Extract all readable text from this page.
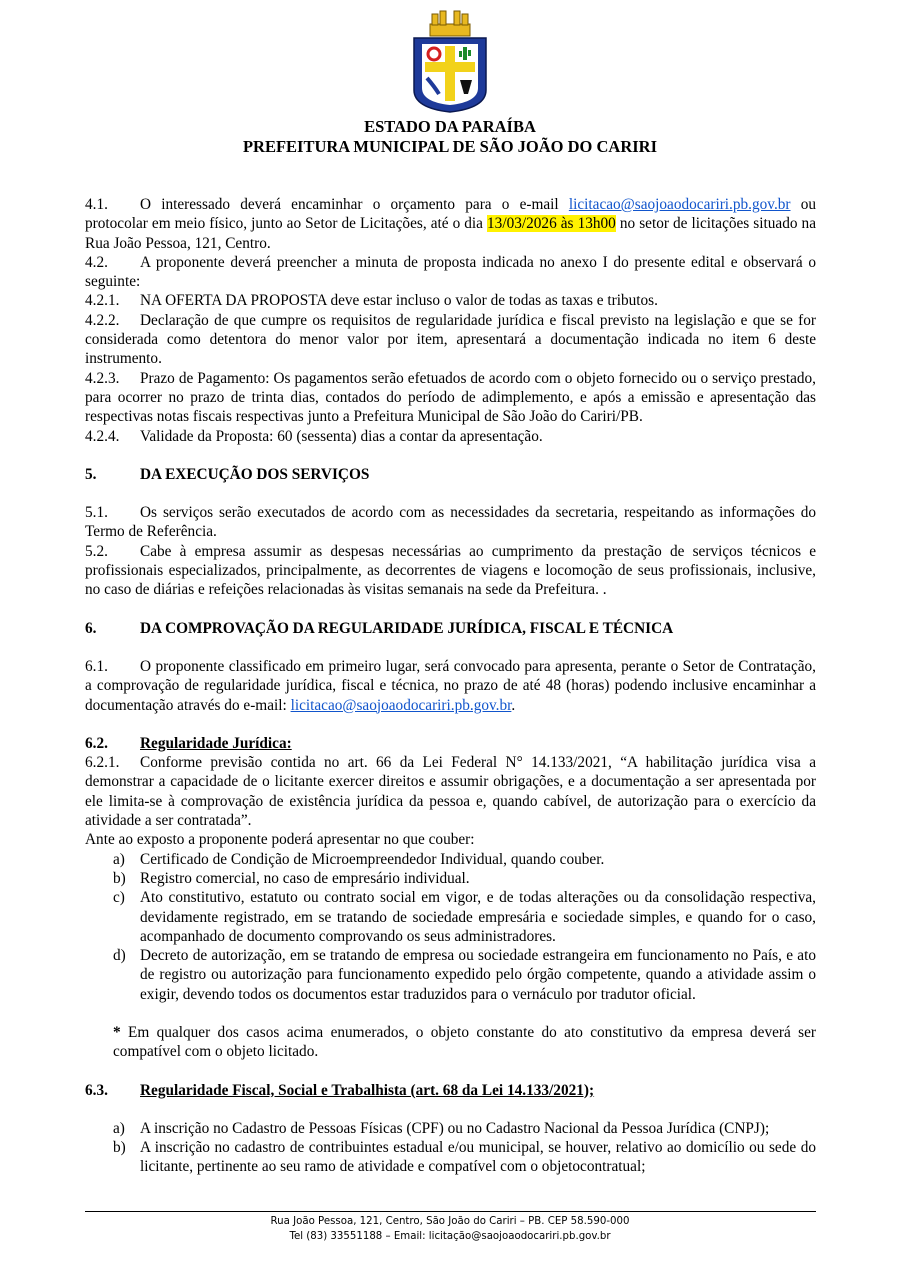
ESTADO DA PARAÍBA
PREFEITURA MUNICIPAL DE SÃO JOÃO DO CARIRI

4.1. O interessado deverá encaminhar o orçamento para o e-mail licitacao@saojoaodocariri.pb.gov.br ou protocolar em meio físico, junto ao Setor de Licitações, até o dia 13/03/2026 às 13h00 no setor de licitações situado na Rua João Pessoa, 121, Centro.

4.2. A proponente deverá preencher a minuta de proposta indicada no anexo I do presente edital e observará o seguinte:

4.2.1. NA OFERTA DA PROPOSTA deve estar incluso o valor de todas as taxas e tributos.

4.2.2. Declaração de que cumpre os requisitos de regularidade jurídica e fiscal previsto na legislação e que se for considerada como detentora do menor valor por item, apresentará a documentação indicada no item 6 deste instrumento.

4.2.3. Prazo de Pagamento: Os pagamentos serão efetuados de acordo com o objeto fornecido ou o serviço prestado, para ocorrer no prazo de trinta dias, contados do período de adimplemento, e após a emissão e apresentação das respectivas notas fiscais respectivas junto a Prefeitura Municipal de São João do Cariri/PB.

4.2.4. Validade da Proposta: 60 (sessenta) dias a contar da apresentação.

5.	DA EXECUÇÃO DOS SERVIÇOS

5.1. Os serviços serão executados de acordo com as necessidades da secretaria, respeitando as informações do Termo de Referência.

5.2. Cabe à empresa assumir as despesas necessárias ao cumprimento da prestação de serviços técnicos e profissionais especializados, principalmente, as decorrentes de viagens e locomoção de seus profissionais, inclusive, no caso de diárias e refeições relacionadas às visitas semanais na sede da Prefeitura. .

6.	DA COMPROVAÇÃO DA REGULARIDADE JURÍDICA, FISCAL E TÉCNICA

6.1. O proponente classificado em primeiro lugar, será convocado para apresenta, perante o Setor de Contratação, a comprovação de regularidade jurídica, fiscal e técnica, no prazo de até 48 (horas) podendo inclusive encaminhar a documentação através do e-mail: licitacao@saojoaodocariri.pb.gov.br.

6.2. Regularidade Jurídica:

6.2.1. Conforme previsão contida no art. 66 da Lei Federal N° 14.133/2021, “A habilitação jurídica visa a demonstrar a capacidade de o licitante exercer direitos e assumir obrigações, e a documentação a ser apresentada por ele limita-se à comprovação de existência jurídica da pessoa e, quando cabível, de autorização para o exercício da atividade a ser contratada”.

Ante ao exposto a proponente poderá apresentar no que couber:

a) Certificado de Condição de Microempreendedor Individual, quando couber.
b) Registro comercial, no caso de empresário individual.
c) Ato constitutivo, estatuto ou contrato social em vigor, e de todas alterações ou da consolidação respectiva, devidamente registrado, em se tratando de sociedade empresária e sociedade simples, e quando for o caso, acompanhado de documento comprovando os seus administradores.
d) Decreto de autorização, em se tratando de empresa ou sociedade estrangeira em funcionamento no País, e ato de registro ou autorização para funcionamento expedido pelo órgão competente, quando a atividade assim o exigir, devendo todos os documentos estar traduzidos para o vernáculo por tradutor oficial.

* Em qualquer dos casos acima enumerados, o objeto constante do ato constitutivo da empresa deverá ser compatível com o objeto licitado.

6.3. Regularidade Fiscal, Social e Trabalhista (art. 68 da Lei 14.133/2021);

a) A inscrição no Cadastro de Pessoas Físicas (CPF) ou no Cadastro Nacional da Pessoa Jurídica (CNPJ);
b) A inscrição no cadastro de contribuintes estadual e/ou municipal, se houver, relativo ao domicílio ou sede do licitante, pertinente ao seu ramo de atividade e compatível com o objetocontratual;
Rua João Pessoa, 121, Centro, São João do Cariri – PB. CEP 58.590-000
Tel (83) 33551188 – Email: licitação@saojoaodocariri.pb.gov.br
